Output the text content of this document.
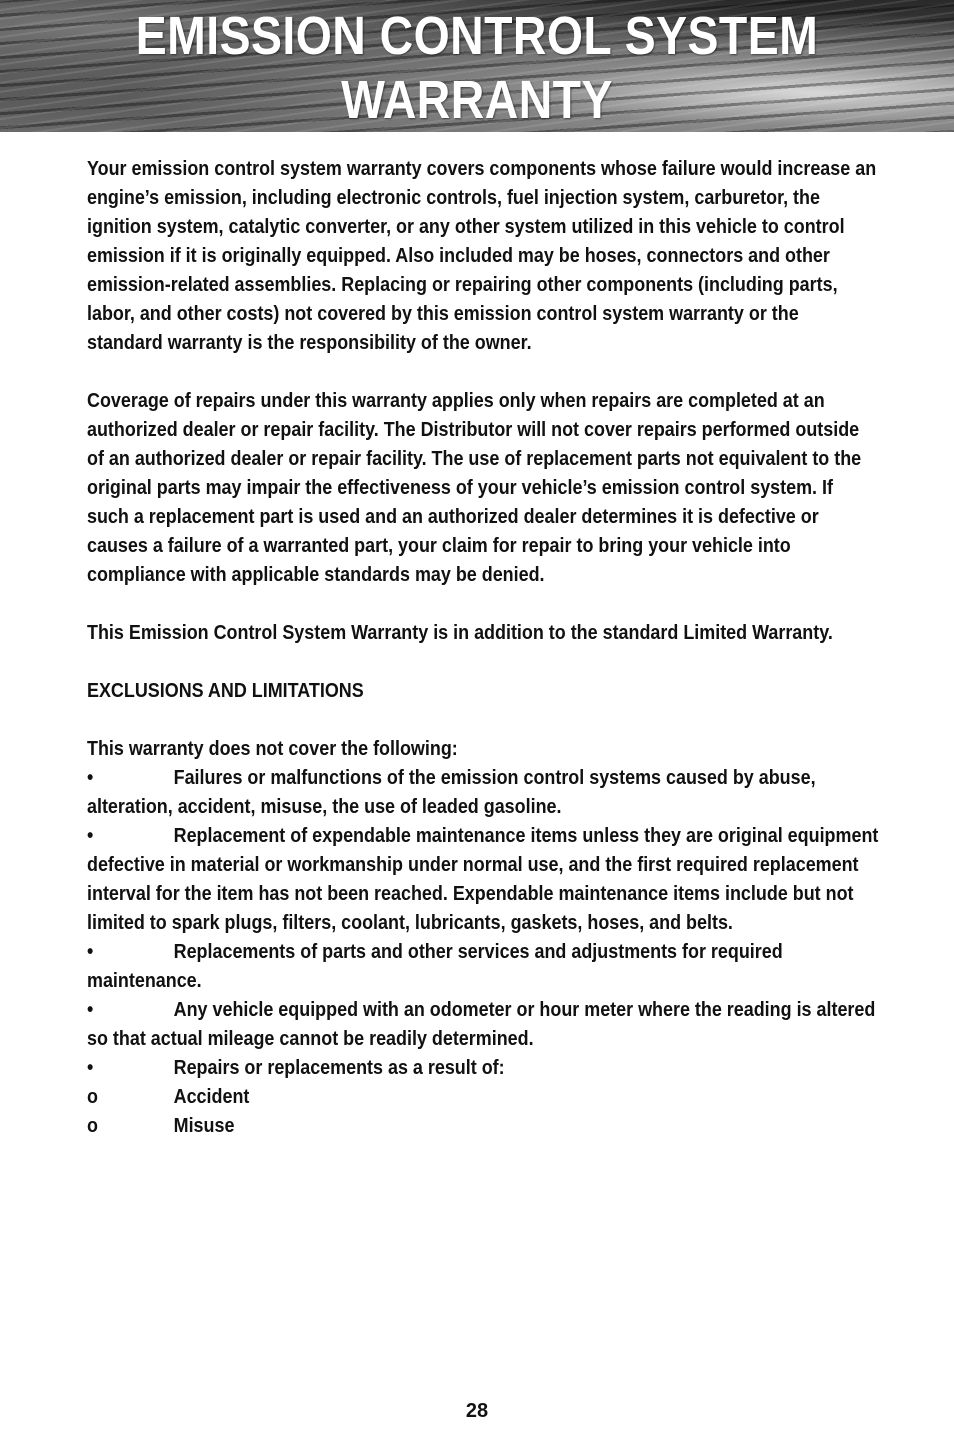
EMISSION CONTROL SYSTEM
WARRANTY

Your emission control system warranty covers components whose failure would increase an engine’s emission, including electronic controls, fuel injection system, carburetor, the ignition system, catalytic converter, or any other system utilized in this vehicle to control emission if it is originally equipped. Also included may be hoses, connectors and other emission-related assemblies. Replacing or repairing other components (including parts, labor, and other costs) not covered by this emission control system warranty or the standard warranty is the responsibility of the owner.

Coverage of repairs under this warranty applies only when repairs are completed at an authorized dealer or repair facility. The Distributor will not cover repairs performed outside of an authorized dealer or repair facility. The use of replacement parts not equivalent to the original parts may impair the effectiveness of your vehicle’s emission control system. If such a replacement part is used and an authorized dealer determines it is defective or causes a failure of a warranted part, your claim for repair to bring your vehicle into compliance with applicable standards may be denied.

This Emission Control System Warranty is in addition to the standard Limited Warranty.

EXCLUSIONS AND LIMITATIONS

This warranty does not cover the following:

•	Failures or malfunctions of the emission control systems caused by abuse, alteration, accident, misuse, the use of leaded gasoline.

•	Replacement of expendable maintenance items unless they are original equipment defective in material or workmanship under normal use, and the first required replacement interval for the item has not been reached. Expendable maintenance items include but not limited to spark plugs, filters, coolant, lubricants, gaskets, hoses, and belts.

•	Replacements of parts and other services and adjustments for required maintenance.

•	Any vehicle equipped with an odometer or hour meter where the reading is altered so that actual mileage cannot be readily determined.

•	Repairs or replacements as a result of:

o	Accident

o	Misuse

28
